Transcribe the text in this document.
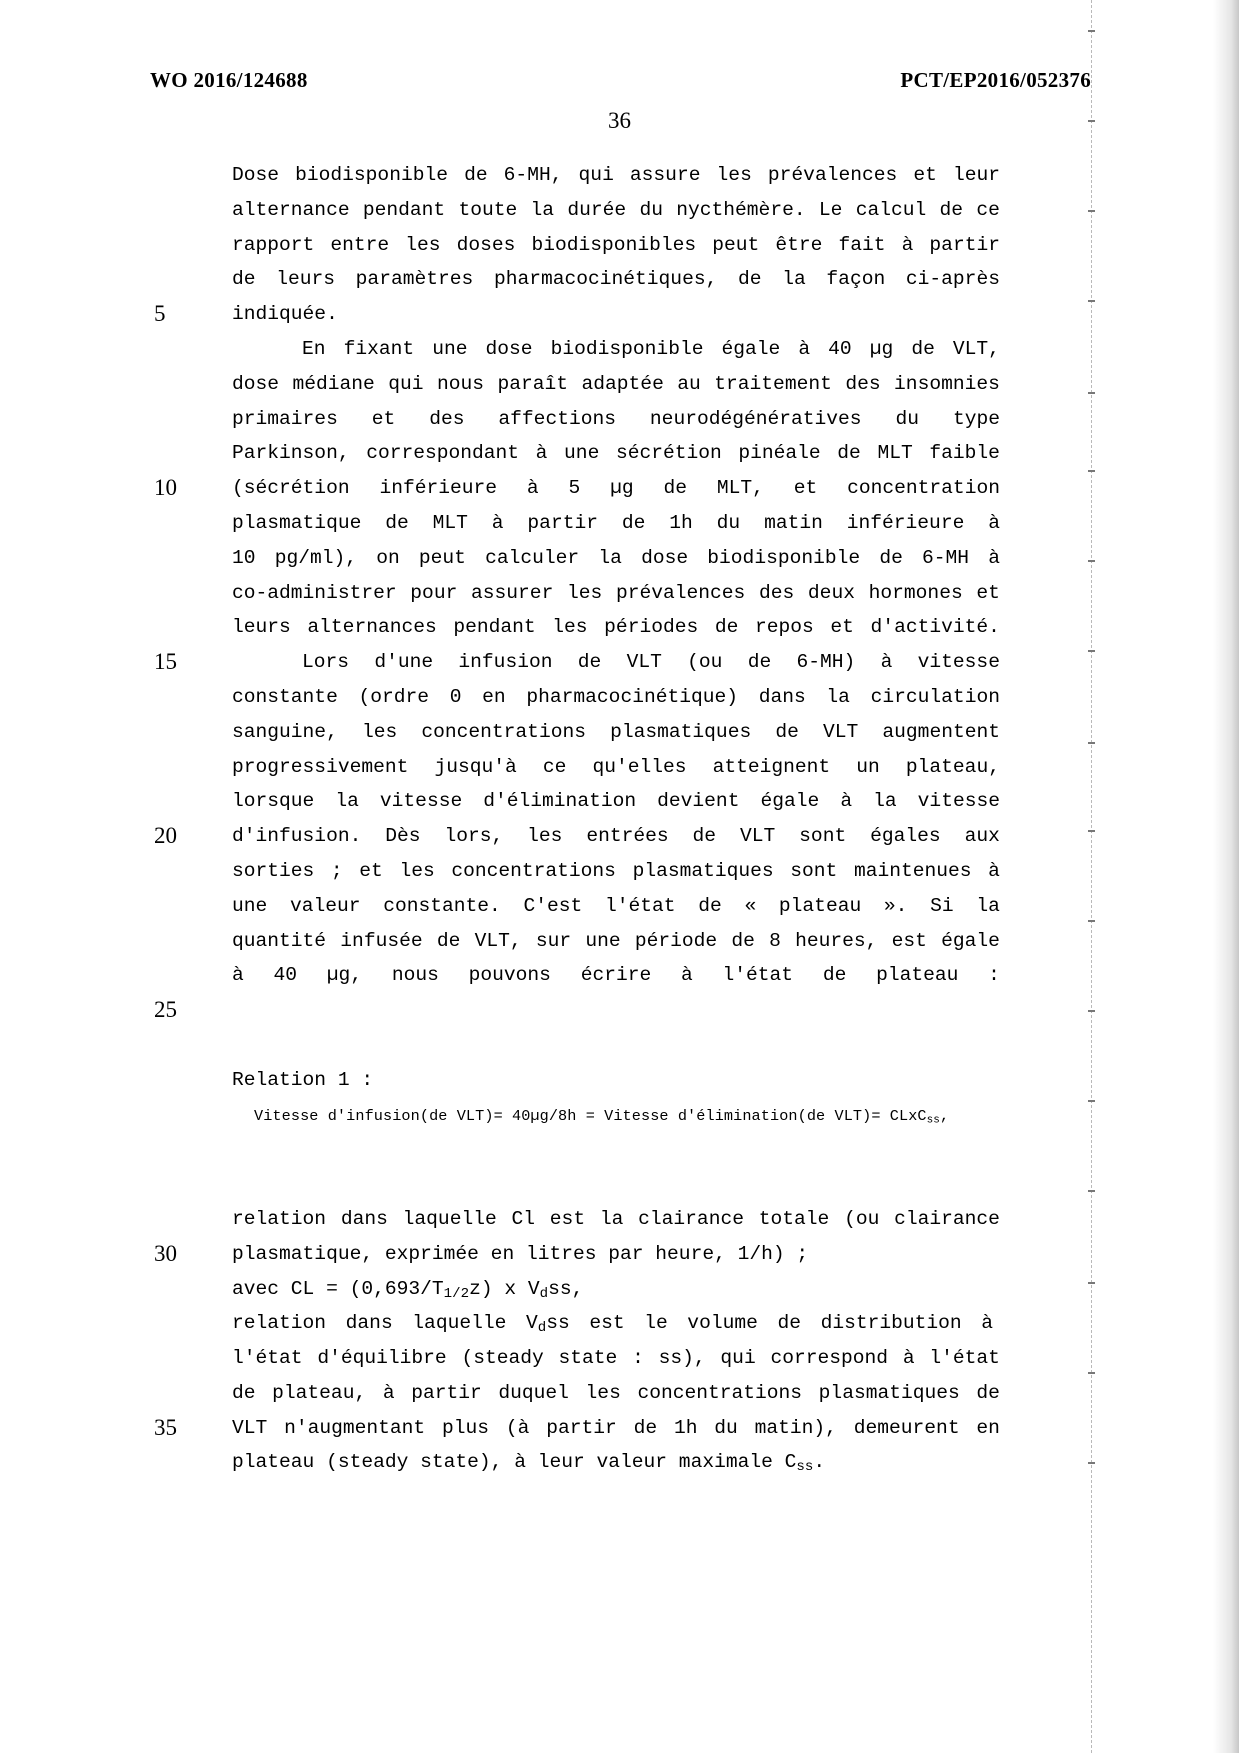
WO 2016/124688	PCT/EP2016/052376
36
Dose biodisponible de 6-MH, qui assure les prévalences et leur
alternance pendant toute la durée du nycthémère. Le calcul de ce
rapport entre les doses biodisponibles peut être fait à partir
de leurs paramètres pharmacocinétiques, de la façon ci-après
5	indiquée.
En fixant une dose biodisponible égale à 40 µg de VLT,
dose médiane qui nous paraît adaptée au traitement des insomnies
primaires et des affections neurodégénératives du type
Parkinson, correspondant à une sécrétion pinéale de MLT faible
10	(sécrétion inférieure à 5 µg de MLT, et concentration
plasmatique de MLT à partir de 1h du matin inférieure à
10 pg/ml), on peut calculer la dose biodisponible de 6-MH à
co-administrer pour assurer les prévalences des deux hormones et
leurs alternances pendant les périodes de repos et d'activité.
15	Lors d'une infusion de VLT (ou de 6-MH) à vitesse
constante (ordre 0 en pharmacocinétique) dans la circulation
sanguine, les concentrations plasmatiques de VLT augmentent
progressivement jusqu'à ce qu'elles atteignent un plateau,
lorsque la vitesse d'élimination devient égale à la vitesse
20	d'infusion. Dès lors, les entrées de VLT sont égales aux
sorties ; et les concentrations plasmatiques sont maintenues à
une valeur constante. C'est l'état de « plateau ». Si la
quantité infusée de VLT, sur une période de 8 heures, est égale
à 40 µg, nous pouvons écrire à l'état de plateau :
25
Relation 1 :
Vitesse d'infusion(de VLT)= 40µg/8h = Vitesse d'élimination(de VLT)= CLxC$_{ss}$,
relation dans laquelle Cl est la clairance totale (ou clairance
30	plasmatique, exprimée en litres par heure, 1/h) ;
avec CL = $(0,693/T_{1/2}z)$ x $V_dss$,
relation dans laquelle $V_dss$ est le volume de distribution à
l'état d'équilibre (steady state : ss), qui correspond à l'état
de plateau, à partir duquel les concentrations plasmatiques de
35	VLT n'augmentant plus (à partir de 1h du matin), demeurent en
plateau (steady state), à leur valeur maximale $C_{ss}$.
